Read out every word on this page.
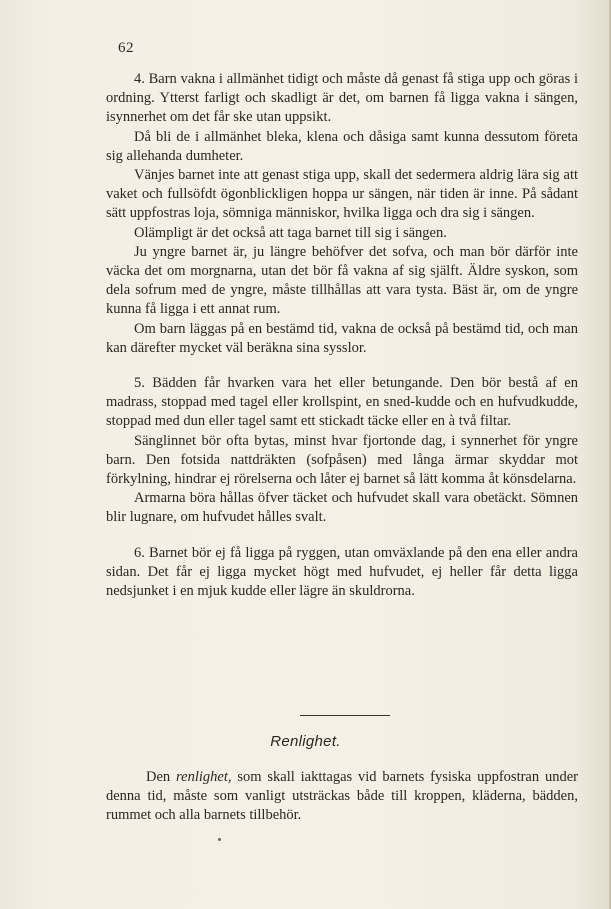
62

4. Barn vakna i allmänhet tidigt och måste då genast få stiga upp och göras i ordning. Ytterst farligt och skadligt är det, om barnen få ligga vakna i sängen, isynnerhet om det får ske utan uppsikt.

Då bli de i allmänhet bleka, klena och dåsiga samt kunna dessutom företa sig allehanda dumheter.

Vänjes barnet inte att genast stiga upp, skall det sedermera aldrig lära sig att vaket och fullsöfdt ögonblickligen hoppa ur sängen, när tiden är inne. På sådant sätt uppfostras loja, sömniga människor, hvilka ligga och dra sig i sängen.

Olämpligt är det också att taga barnet till sig i sängen.

Ju yngre barnet är, ju längre behöfver det sofva, och man bör därför inte väcka det om morgnarna, utan det bör få vakna af sig själft. Äldre syskon, som dela sofrum med de yngre, måste tillhållas att vara tysta. Bäst är, om de yngre kunna få ligga i ett annat rum.

Om barn läggas på en bestämd tid, vakna de också på bestämd tid, och man kan därefter mycket väl beräkna sina sysslor.

5. Bädden får hvarken vara het eller betungande. Den bör bestå af en madrass, stoppad med tagel eller krollspint, en sned-kudde och en hufvudkudde, stoppad med dun eller tagel samt ett stickadt täcke eller en à två filtar.

Sänglinnet bör ofta bytas, minst hvar fjortonde dag, i synnerhet för yngre barn. Den fotsida nattdräkten (sofpåsen) med långa ärmar skyddar mot förkylning, hindrar ej rörelserna och låter ej barnet så lätt komma åt könsdelarna.

Armarna böra hållas öfver täcket och hufvudet skall vara obetäckt. Sömnen blir lugnare, om hufvudet hålles svalt.

6. Barnet bör ej få ligga på ryggen, utan omväxlande på den ena eller andra sidan. Det får ej ligga mycket högt med hufvudet, ej heller får detta ligga nedsjunket i en mjuk kudde eller lägre än skuldrorna.

Renlighet.

Den renlighet, som skall iakttagas vid barnets fysiska uppfostran under denna tid, måste som vanligt utsträckas både till kroppen, kläderna, bädden, rummet och alla barnets tillbehör.
